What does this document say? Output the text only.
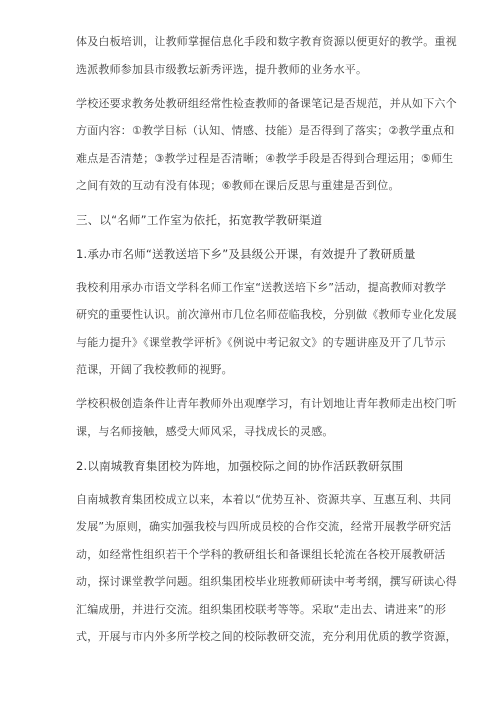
体及白板培训，让教师掌握信息化手段和数字教育资源以便更好的教学。重视
选派教师参加县市级教坛新秀评选，提升教师的业务水平。
学校还要求教务处教研组经常性检查教师的备课笔记是否规范，并从如下六个
方面内容：①教学目标（认知、情感、技能）是否得到了落实；②教学重点和
难点是否清楚；③教学过程是否清晰；④教学手段是否得到合理运用；⑤师生
之间有效的互动有没有体现；⑥教师在课后反思与重建是否到位。
三、以“名师”工作室为依托，拓宽教学教研渠道
1.承办市名师“送教送培下乡”及县级公开课，有效提升了教研质量
我校利用承办市语文学科名师工作室“送教送培下乡”活动，提高教师对教学
研究的重要性认识。前次漳州市几位名师莅临我校，分别做《教师专业化发展
与能力提升》《课堂教学评析》《例说中考记叙文》的专题讲座及开了几节示
范课，开阔了我校教师的视野。
学校积极创造条件让青年教师外出观摩学习，有计划地让青年教师走出校门听
课，与名师接触，感受大师风采，寻找成长的灵感。
2.以南城教育集团校为阵地，加强校际之间的协作活跃教研氛围
自南城教育集团校成立以来，本着以“优势互补、资源共享、互惠互利、共同
发展”为原则，确实加强我校与四所成员校的合作交流，经常开展教学研究活
动，如经常性组织若干个学科的教研组长和备课组长轮流在各校开展教研活
动，探讨课堂教学问题。组织集团校毕业班教师研读中考考纲，撰写研读心得
汇编成册，并进行交流。组织集团校联考等等。采取“走出去、请进来”的形
式，开展与市内外多所学校之间的校际教研交流，充分利用优质的教学资源，
